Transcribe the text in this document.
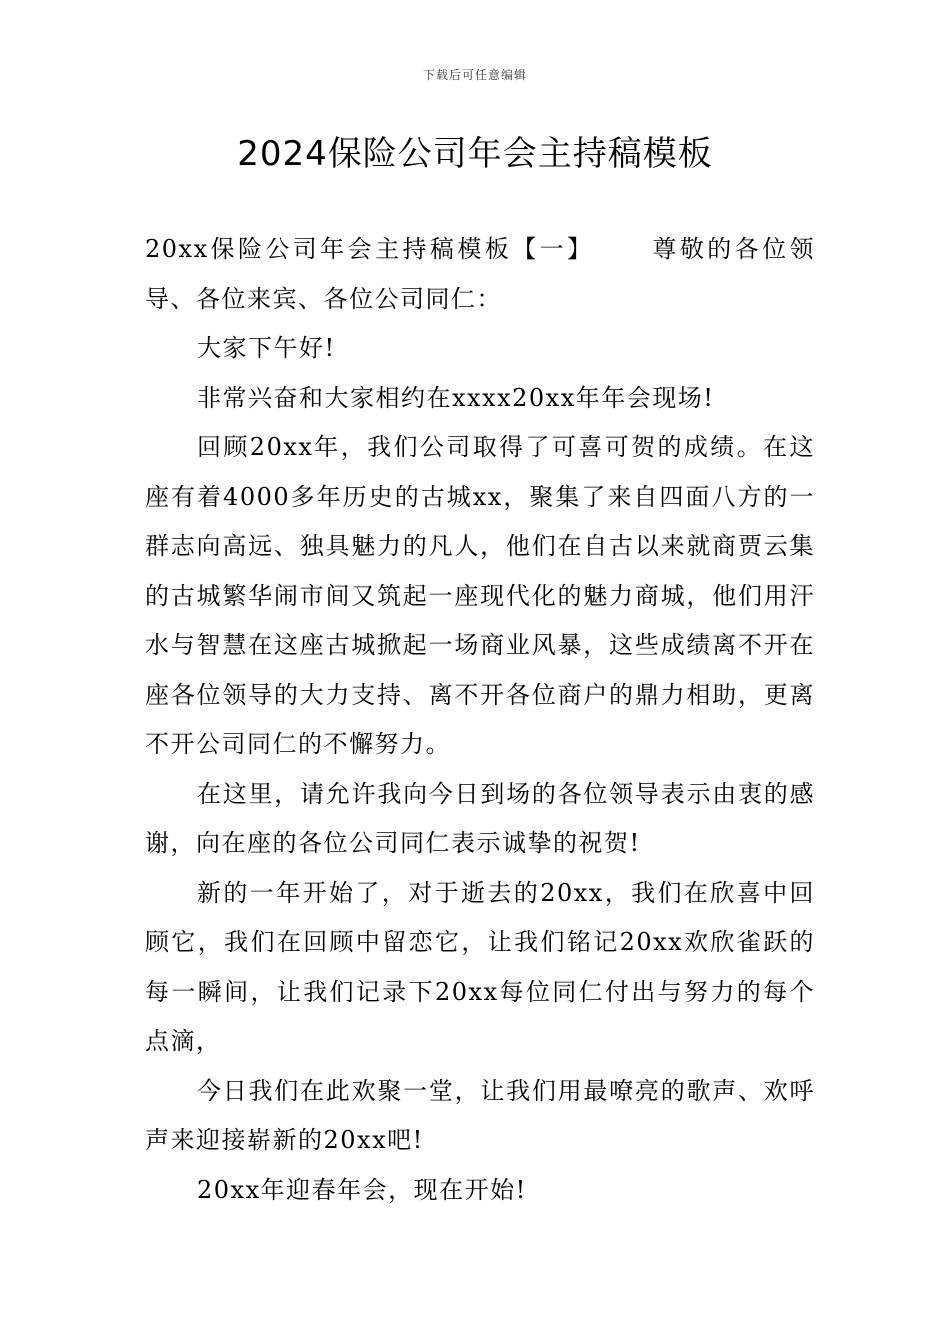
下载后可任意编辑
2024保险公司年会主持稿模板

20xx保险公司年会主持稿模板【一】 尊敬的各位领导、各位来宾、各位公司同仁：

大家下午好!

非常兴奋和大家相约在xxxx20xx年年会现场!

回顾20xx年，我们公司取得了可喜可贺的成绩。在这座有着4000多年历史的古城xx，聚集了来自四面八方的一群志向高远、独具魅力的凡人，他们在自古以来就商贾云集的古城繁华闹市间又筑起一座现代化的魅力商城，他们用汗水与智慧在这座古城掀起一场商业风暴，这些成绩离不开在座各位领导的大力支持、离不开各位商户的鼎力相助，更离不开公司同仁的不懈努力。

在这里，请允许我向今日到场的各位领导表示由衷的感谢，向在座的各位公司同仁表示诚挚的祝贺!

新的一年开始了，对于逝去的20xx，我们在欣喜中回顾它，我们在回顾中留恋它，让我们铭记20xx欢欣雀跃的每一瞬间，让我们记录下20xx每位同仁付出与努力的每个点滴，

今日我们在此欢聚一堂，让我们用最嘹亮的歌声、欢呼声来迎接崭新的20xx吧!

20xx年迎春年会，现在开始!
